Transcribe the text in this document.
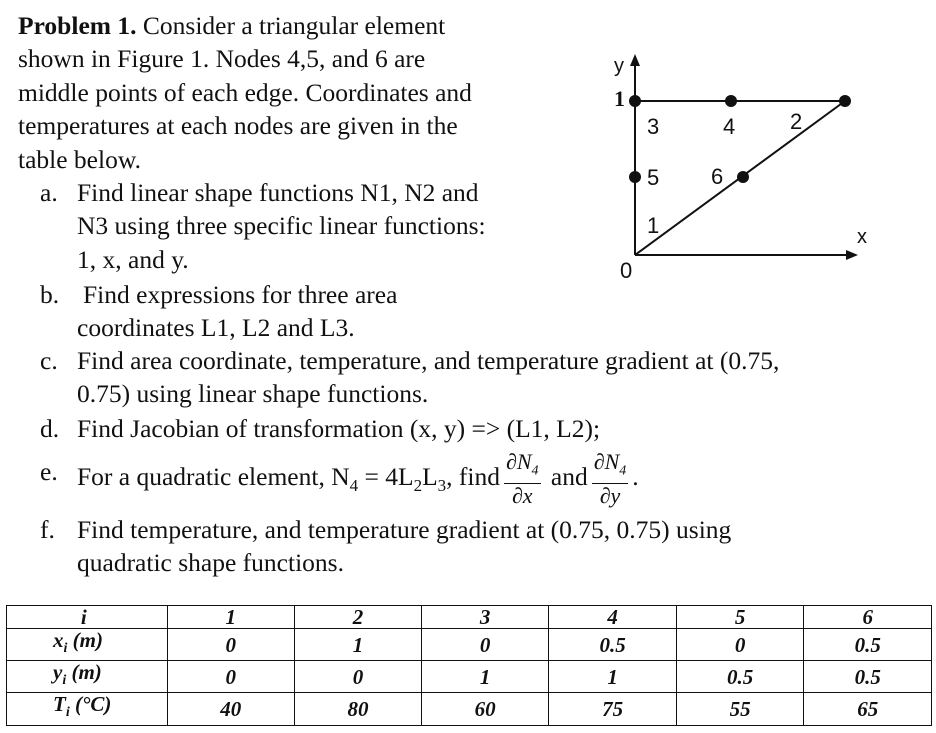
Problem 1. Consider a triangular element
shown in Figure 1. Nodes 4,5, and 6 are
middle points of each edge. Coordinates and
temperatures at each nodes are given in the
table below.
a. Find linear shape functions N1, N2 and
N3 using three specific linear functions:
1, x, and y.
b. Find expressions for three area
coordinates L1, L2 and L3.
c. Find area coordinate, temperature, and temperature gradient at (0.75,
0.75) using linear shape functions.
d. Find Jacobian of transformation (x, y) => (L1, L2);
e. For a quadratic element, $N_4 = 4L_2L_3$, find $\frac{\partial N_4}{\partial x}$ and $\frac{\partial N_4}{\partial y}$ .
f. Find temperature, and temperature gradient at (0.75, 0.75) using
quadratic shape functions.
y
1
x
0
3	4 2
5 6
1
i	1	2	3	4	5	6
$x_i$ (m)	0	1	0	0.5	0	0.5
$y_i$ (m)	0	0	1	1	0.5	0.5
$T_i$ (°C)	40	80	60	75	55	65
